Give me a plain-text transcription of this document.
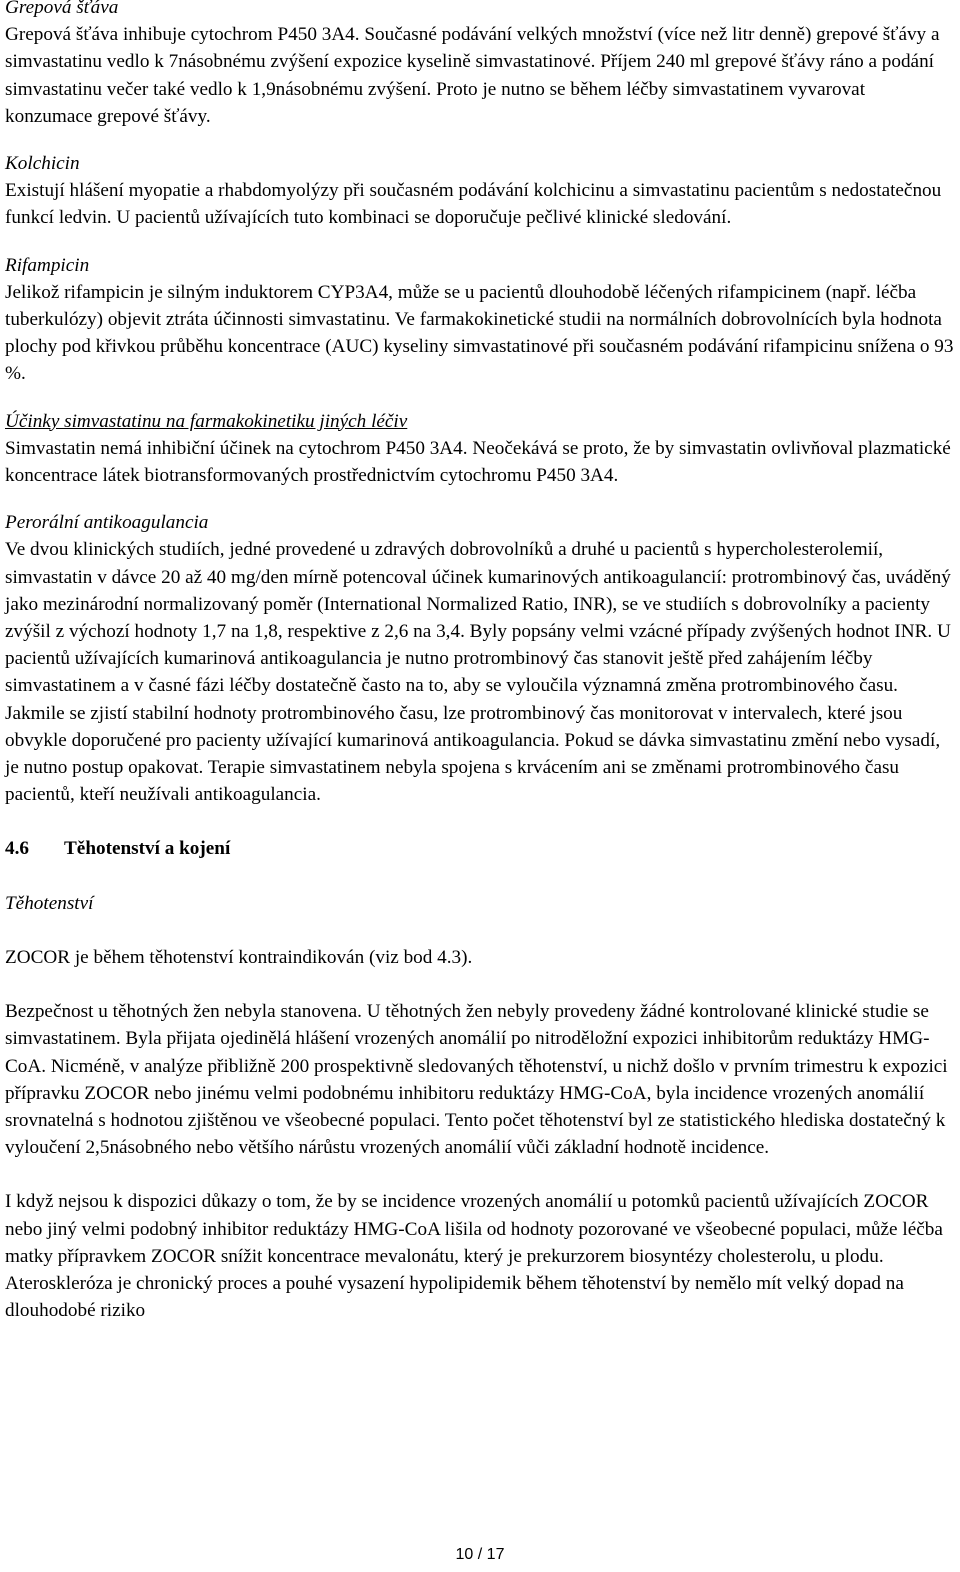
Grepová šťáva
Grepová šťáva inhibuje cytochrom P450 3A4. Současné podávání velkých množství (více než litr denně) grepové šťávy a simvastatinu vedlo k 7násobnému zvýšení expozice kyselině simvastatinové. Příjem 240 ml grepové šťávy ráno a podání simvastatinu večer také vedlo k 1,9násobnému zvýšení. Proto je nutno se během léčby simvastatinem vyvarovat konzumace grepové šťávy.
Kolchicin
Existují hlášení myopatie a rhabdomyolýzy při současném podávání kolchicinu a simvastatinu pacientům s nedostatečnou funkcí ledvin. U pacientů užívajících tuto kombinaci se doporučuje pečlivé klinické sledování.
Rifampicin
Jelikož rifampicin je silným induktorem CYP3A4, může se u pacientů dlouhodobě léčených rifampicinem (např. léčba tuberkulózy) objevit ztráta účinnosti simvastatinu. Ve farmakokinetické studii na normálních dobrovolnících byla hodnota plochy pod křivkou průběhu koncentrace (AUC) kyseliny simvastatinové při současném podávání rifampicinu snížena o 93 %.
Účinky simvastatinu na farmakokinetiku jiných léčiv
Simvastatin nemá inhibiční účinek na cytochrom P450 3A4. Neočekává se proto, že by simvastatin ovlivňoval plazmatické koncentrace látek biotransformovaných prostřednictvím cytochromu P450 3A4.
Perorální antikoagulancia
Ve dvou klinických studiích, jedné provedené u zdravých dobrovolníků a druhé u pacientů s hypercholesterolemií, simvastatin v dávce 20 až 40 mg/den mírně potencoval účinek kumarinových antikoagulancií: protrombinový čas, uváděný jako mezinárodní normalizovaný poměr (International Normalized Ratio, INR), se ve studiích s dobrovolníky a pacienty zvýšil z výchozí hodnoty 1,7 na 1,8, respektive z 2,6 na 3,4. Byly popsány velmi vzácné případy zvýšených hodnot INR. U pacientů užívajících kumarinová antikoagulancia je nutno protrombinový čas stanovit ještě před zahájením léčby simvastatinem a v časné fázi léčby dostatečně často na to, aby se vyloučila významná změna protrombinového času. Jakmile se zjistí stabilní hodnoty protrombinového času, lze protrombinový čas monitorovat v intervalech, které jsou obvykle doporučené pro pacienty užívající kumarinová antikoagulancia. Pokud se dávka simvastatinu změní nebo vysadí, je nutno postup opakovat. Terapie simvastatinem nebyla spojena s krvácením ani se změnami protrombinového času pacientů, kteří neužívali antikoagulancia.
4.6	Těhotenství a kojení
Těhotenství
ZOCOR je během těhotenství kontraindikován (viz bod 4.3).
Bezpečnost u těhotných žen nebyla stanovena. U těhotných žen nebyly provedeny žádné kontrolované klinické studie se simvastatinem. Byla přijata ojedinělá hlášení vrozených anomálií po nitroděložní expozici inhibitorům reduktázy HMG-CoA. Nicméně, v analýze přibližně 200 prospektivně sledovaných těhotenství, u nichž došlo v prvním trimestru k expozici přípravku ZOCOR nebo jinému velmi podobnému inhibitoru reduktázy HMG-CoA, byla incidence vrozených anomálií srovnatelná s hodnotou zjištěnou ve všeobecné populaci. Tento počet těhotenství byl ze statistického hlediska dostatečný k vyloučení 2,5násobného nebo většího nárůstu vrozených anomálií vůči základní hodnotě incidence.
I když nejsou k dispozici důkazy o tom, že by se incidence vrozených anomálií u potomků pacientů užívajících ZOCOR nebo jiný velmi podobný inhibitor reduktázy HMG-CoA lišila od hodnoty pozorované ve všeobecné populaci, může léčba matky přípravkem ZOCOR snížit koncentrace mevalonátu, který je prekurzorem biosyntézy cholesterolu, u plodu. Ateroskleróza je chronický proces a pouhé vysazení hypolipidemik během těhotenství by nemělo mít velký dopad na dlouhodobé riziko
10 / 17
